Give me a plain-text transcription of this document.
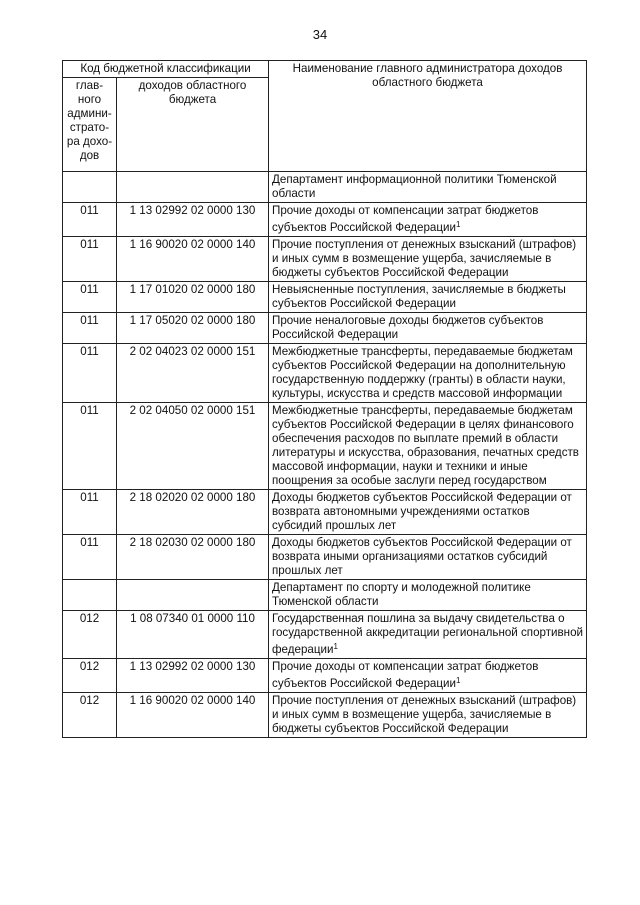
34
Код бюджетной классификации		Наименование главного администратора доходов областного бюджета
глав-ного админи-страто-ра дохо-дов	доходов областного бюджета	
		Департамент информационной политики Тюменской области
011	1 13 02992 02 0000 130	Прочие доходы от компенсации затрат бюджетов субъектов Российской Федерации$^1$
011	1 16 90020 02 0000 140	Прочие поступления от денежных взысканий (штрафов) и иных сумм в возмещение ущерба, зачисляемые в бюджеты субъектов Российской Федерации
011	1 17 01020 02 0000 180	Невыясненные поступления, зачисляемые в бюджеты субъектов Российской Федерации
011	1 17 05020 02 0000 180	Прочие неналоговые доходы бюджетов субъектов Российской Федерации
011	2 02 04023 02 0000 151	Межбюджетные трансферты, передаваемые бюджетам субъектов Российской Федерации на дополнительную государственную поддержку (гранты) в области науки, культуры, искусства и средств массовой информации
011	2 02 04050 02 0000 151	Межбюджетные трансферты, передаваемые бюджетам субъектов Российской Федерации в целях финансового обеспечения расходов по выплате премий в области литературы и искусства, образования, печатных средств массовой информации, науки и техники и иные поощрения за особые заслуги перед государством
011	2 18 02020 02 0000 180	Доходы бюджетов субъектов Российской Федерации от возврата автономными учреждениями остатков субсидий прошлых лет
011	2 18 02030 02 0000 180	Доходы бюджетов субъектов Российской Федерации от возврата иными организациями остатков субсидий прошлых лет
		Департамент по спорту и молодежной политике Тюменской области
012	1 08 07340 01 0000 110	Государственная пошлина за выдачу свидетельства о государственной аккредитации региональной спортивной федерации$^1$
012	1 13 02992 02 0000 130	Прочие доходы от компенсации затрат бюджетов субъектов Российской Федерации$^1$
012	1 16 90020 02 0000 140	Прочие поступления от денежных взысканий (штрафов) и иных сумм в возмещение ущерба, зачисляемые в бюджеты субъектов Российской Федерации
